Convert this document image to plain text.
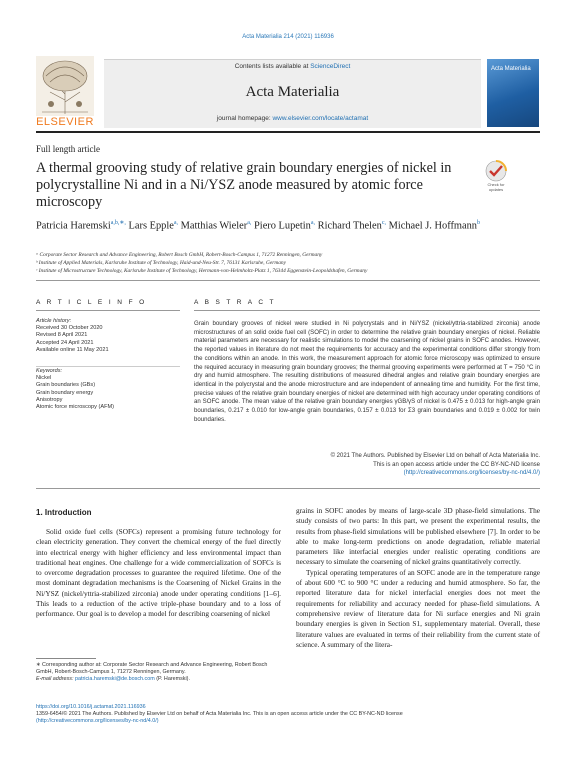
Acta Materialia 214 (2021) 116936
ELSEVIER
Contents lists available at ScienceDirect
Acta Materialia
journal homepage: www.elsevier.com/locate/actamat
Acta Materialia
Full length article
A thermal grooving study of relative grain boundary energies of nickel in polycrystalline Ni and in a Ni/YSZ anode measured by atomic force microscopy
Check for updates
Patricia Haremski$^{a,b,∗,}$ Lars Epple$^{a,}$ Matthias Wieler$^{a,}$ Piero Lupetin$^{a,}$ Richard Thelen$^{c,}$ Michael J. Hoffmann$^b$
ᵃ Corporate Sector Research and Advance Engineering, Robert Bosch GmbH, Robert-Bosch-Campus 1, 71272 Renningen, Germany
ᵇ Institute of Applied Materials, Karlsruhe Institute of Technology, Haid-und-Neu-Str. 7, 76131 Karlsruhe, Germany
ᶜ Institute of Microstructure Technology, Karlsruhe Institute of Technology, Hermann-von-Helmholtz-Platz 1, 76344 Eggenstein-Leopoldshafen, Germany
A R T I C L E I N F O	A B S T R A C T
Article history:
Received 30 October 2020
Revised 8 April 2021
Accepted 24 April 2021
Available online 11 May 2021
Keywords:
Nickel
Grain boundaries (GBs)
Grain boundary energy
Anisotropy
Atomic force microscopy (AFM)
Grain boundary grooves of nickel were studied in Ni polycrystals and in Ni/YSZ (nickel/yttria-stabilized zirconia) anode microstructures of an solid oxide fuel cell (SOFC) in order to determine the relative grain boundary energies of nickel. Reliable material parameters are necessary for realistic simulations to model the coarsening of nickel grains in SOFC anodes. However, the reported values in literature do not meet the requirements for accuracy and the experimental conditions differ strongly from the conditions within an anode. In this work, the measurement approach for atomic force microscopy was optimized to ensure the required accuracy in measuring grain boundary grooves; the thermal grooving experiments were performed at T = 750 °C in dry and humid atmosphere. The resulting distributions of measured dihedral angles and relative grain boundary energies are identical in the polycrystal and the anode microstructure and are independent of annealing time and humidity. For the first time, precise values of the relative grain boundary energies of nickel are determined with high accuracy under operating conditions of an SOFC anode. The mean value of the relative grain boundary energies γGB/γS of nickel is 0.475 ± 0.013 for high-angle grain boundaries, 0.217 ± 0.010 for low-angle grain boundaries, 0.157 ± 0.013 for Σ3 grain boundaries and 0.019 ± 0.002 for twin boundaries.
© 2021 The Authors. Published by Elsevier Ltd on behalf of Acta Materialia Inc.
This is an open access article under the CC BY-NC-ND license
(http://creativecommons.org/licenses/by-nc-nd/4.0/)
1. Introduction

Solid oxide fuel cells (SOFCs) represent a promising future technology for clean electricity generation. They convert the chemical energy of the fuel directly into electrical energy with higher efficiency and less environmental impact than traditional heat engines. One challenge for a wide commercialization of SOFCs is to overcome degradation processes to guarantee the required lifetime. One of the most dominant degradation mechanisms is the Coarsening of Nickel Grains in the Ni/YSZ (nickel/yttria-stabilized zirconia) anode under operating conditions [1–6]. This leads to a reduction of the active triple-phase boundary and to a loss of performance. Our goal is to develop a model for describing coarsening of nickel

grains in SOFC anodes by means of large-scale 3D phase-field simulations. The study consists of two parts: In this part, we present the experimental results, the results from phase-field simulations will be published elsewhere [7]. In order to be able to make long-term predictions on anode degradation, reliable material parameters like interfacial energies under realistic operating conditions are necessary to simulate the coarsening of nickel grains quantitatively correctly.

Typical operating temperatures of an SOFC anode are in the temperature range of about 600 °C to 900 °C under a reducing and humid atmosphere. So far, the reported literature data for nickel interfacial energies does not meet the requirements for reliability and accuracy needed for phase-field simulations. A comprehensive review of literature data for Ni surface energies and Ni grain boundary energies is given in Section S1, supplementary material. Overall, these literature values are evaluated in terms of their reliability from the current state of science. A summary of the litera-

∗ Corresponding author at: Corporate Sector Research and Advance Engineering, Robert Bosch GmbH, Robert-Bosch-Campus 1, 71272 Renningen, Germany.
E-mail address: patricia.haremski@de.bosch.com (P. Haremski).
https://doi.org/10.1016/j.actamat.2021.116936
1359-6454/© 2021 The Authors. Published by Elsevier Ltd on behalf of Acta Materialia Inc. This is an open access article under the CC BY-NC-ND license
(http://creativecommons.org/licenses/by-nc-nd/4.0/)
